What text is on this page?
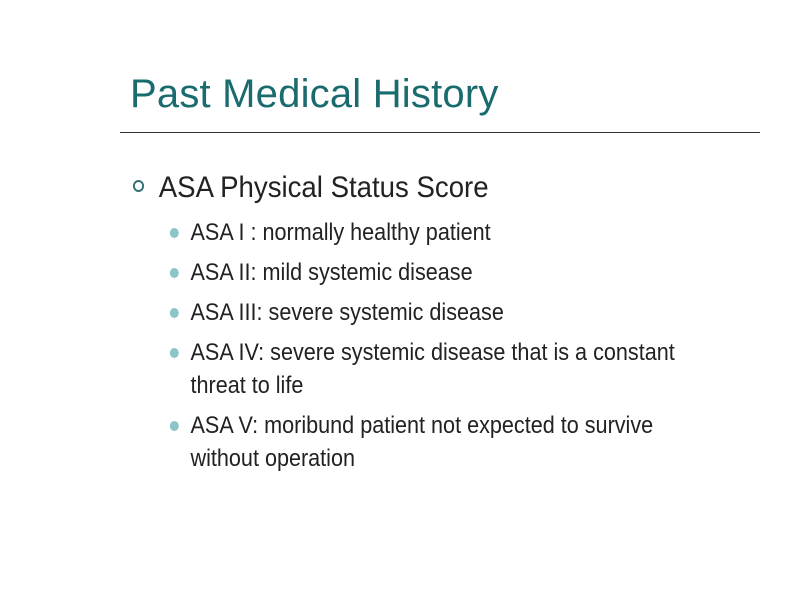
Past Medical History
ASA Physical Status Score
ASA I : normally healthy patient
ASA II: mild systemic disease
ASA III: severe systemic disease
ASA IV: severe systemic disease that is a constant threat to life
ASA V: moribund patient not expected to survive without operation
